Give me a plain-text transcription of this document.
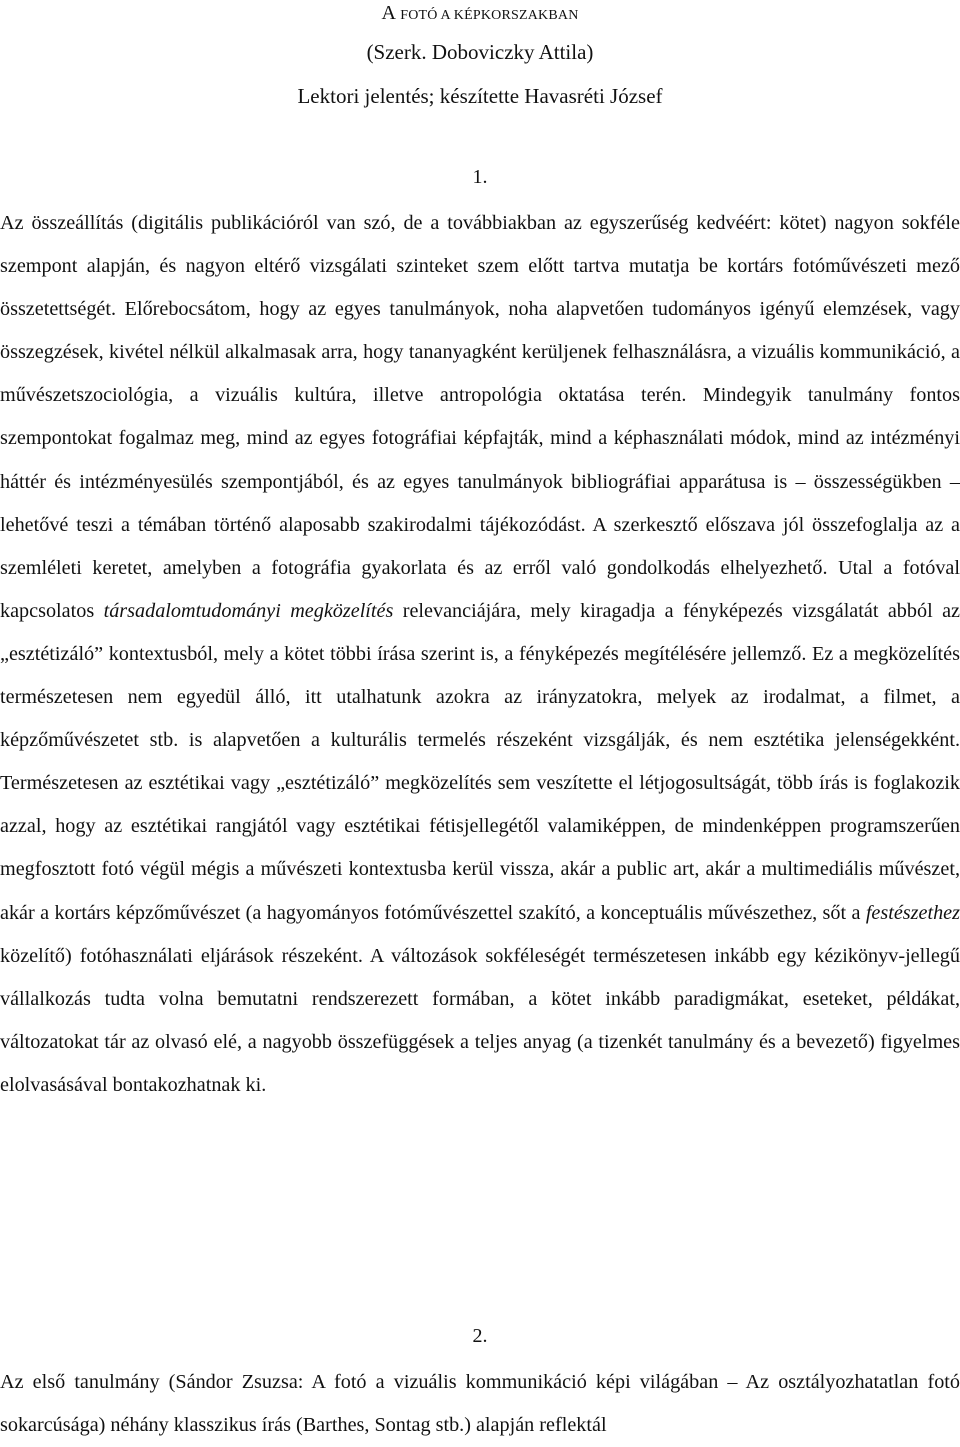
A FOTÓ A KÉPKORSZAKBAN
(Szerk. Doboviczky Attila)
Lektori jelentés; készítette Havasréti József
1.

Az összeállítás (digitális publikációról van szó, de a továbbiakban az egyszerűség kedvéért: kötet) nagyon sokféle szempont alapján, és nagyon eltérő vizsgálati szinteket szem előtt tartva mutatja be kortárs fotóművészeti mező összetettségét. Előrebocsátom, hogy az egyes tanulmányok, noha alapvetően tudományos igényű elemzések, vagy összegzések, kivétel nélkül alkalmasak arra, hogy tananyagként kerüljenek felhasználásra, a vizuális kommunikáció, a művészetszociológia, a vizuális kultúra, illetve antropológia oktatása terén. Mindegyik tanulmány fontos szempontokat fogalmaz meg, mind az egyes fotográfiai képfajták, mind a képhasználati módok, mind az intézményi háttér és intézményesülés szempontjából, és az egyes tanulmányok bibliográfiai apparátusa is – összességükben – lehetővé teszi a témában történő alaposabb szakirodalmi tájékozódást. A szerkesztő előszava jól összefoglalja az a szemléleti keretet, amelyben a fotográfia gyakorlata és az erről való gondolkodás elhelyezhető. Utal a fotóval kapcsolatos társadalomtudományi megközelítés relevanciájára, mely kiragadja a fényképezés vizsgálatát abból az „esztétizáló” kontextusból, mely a kötet többi írása szerint is, a fényképezés megítélésére jellemző. Ez a megközelítés természetesen nem egyedül álló, itt utalhatunk azokra az irányzatokra, melyek az irodalmat, a filmet, a képzőművészetet stb. is alapvetően a kulturális termelés részeként vizsgálják, és nem esztétika jelenségekként. Természetesen az esztétikai vagy „esztétizáló” megközelítés sem veszítette el létjogosultságát, több írás is foglakozik azzal, hogy az esztétikai rangjától vagy esztétikai fétisjellegétől valamiképpen, de mindenképpen programszerűen megfosztott fotó végül mégis a művészeti kontextusba kerül vissza, akár a public art, akár a multimediális művészet, akár a kortárs képzőművészet (a hagyományos fotóművészettel szakító, a konceptuális művészethez, sőt a festészethez közelítő) fotóhasználati eljárások részeként. A változások sokféleségét természetesen inkább egy kézikönyv-jellegű vállalkozás tudta volna bemutatni rendszerezett formában, a kötet inkább paradigmákat, eseteket, példákat, változatokat tár az olvasó elé, a nagyobb összefüggések a teljes anyag (a tizenkét tanulmány és a bevezető) figyelmes elolvasásával bontakozhatnak ki.

2.

Az első tanulmány (Sándor Zsuzsa: A fotó a vizuális kommunikáció képi világában – Az osztályozhatatlan fotó sokarcúsága) néhány klasszikus írás (Barthes, Sontag stb.) alapján reflektál
